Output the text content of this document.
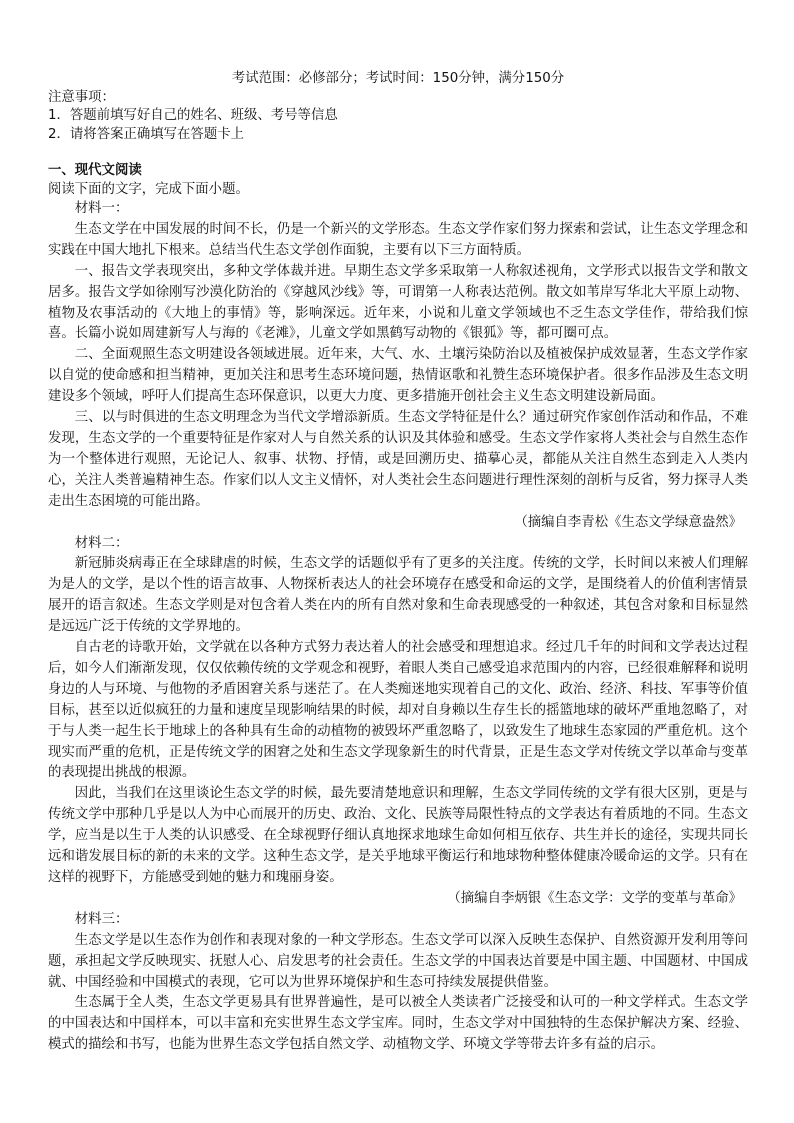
考试范围：必修部分；考试时间：150分钟，满分150分
注意事项：
1．答题前填写好自己的姓名、班级、考号等信息
2．请将答案正确填写在答题卡上
一、现代文阅读
阅读下面的文字，完成下面小题。

材料一：

生态文学在中国发展的时间不长，仍是一个新兴的文学形态。生态文学作家们努力探索和尝试，让生态文学理念和实践在中国大地扎下根来。总结当代生态文学创作面貌，主要有以下三方面特质。

一、报告文学表现突出，多种文学体裁并进。早期生态文学多采取第一人称叙述视角，文学形式以报告文学和散文居多。报告文学如徐刚写沙漠化防治的《穿越风沙线》等，可谓第一人称表达范例。散文如苇岸写华北大平原上动物、植物及农事活动的《大地上的事情》等，影响深远。近年来，小说和儿童文学领域也不乏生态文学佳作，带给我们惊喜。长篇小说如周建新写人与海的《老滩》，儿童文学如黑鹤写动物的《银狐》等，都可圈可点。

二、全面观照生态文明建设各领域进展。近年来，大气、水、土壤污染防治以及植被保护成效显著，生态文学作家以自觉的使命感和担当精神，更加关注和思考生态环境问题，热情讴歌和礼赞生态环境保护者。很多作品涉及生态文明建设多个领域，呼吁人们提高生态环保意识，以更大力度、更多措施开创社会主义生态文明建设新局面。

三、以与时俱进的生态文明理念为当代文学增添新质。生态文学特征是什么？通过研究作家创作活动和作品，不难发现，生态文学的一个重要特征是作家对人与自然关系的认识及其体验和感受。生态文学作家将人类社会与自然生态作为一个整体进行观照，无论记人、叙事、状物、抒情，或是回溯历史、描摹心灵，都能从关注自然生态到走入人类内心，关注人类普遍精神生态。作家们以人文主义情怀，对人类社会生态问题进行理性深刻的剖析与反省，努力探寻人类走出生态困境的可能出路。

（摘编自李青松《生态文学绿意盎然》

材料二：

新冠肺炎病毒正在全球肆虐的时候，生态文学的话题似乎有了更多的关注度。传统的文学，长时间以来被人们理解为是人的文学，是以个性的语言故事、人物探析表达人的社会环境存在感受和命运的文学，是围绕着人的价值利害情景展开的语言叙述。生态文学则是对包含着人类在内的所有自然对象和生命表现感受的一种叙述，其包含对象和目标显然是远远广泛于传统的文学界地的。

自古老的诗歌开始，文学就在以各种方式努力表达着人的社会感受和理想追求。经过几千年的时间和文学表达过程后，如今人们渐渐发现，仅仅依赖传统的文学观念和视野，着眼人类自己感受追求范围内的内容，已经很难解释和说明身边的人与环境、与他物的矛盾困窘关系与迷茫了。在人类痴迷地实现着自己的文化、政治、经济、科技、军事等价值目标，甚至以近似疯狂的力量和速度呈现影响结果的时候，却对自身赖以生存生长的摇篮地球的破坏严重地忽略了，对于与人类一起生长于地球上的各种具有生命的动植物的被毁坏严重忽略了，以致发生了地球生态家园的严重危机。这个现实而严重的危机，正是传统文学的困窘之处和生态文学现象新生的时代背景，正是生态文学对传统文学以革命与变革的表现提出挑战的根源。

因此，当我们在这里谈论生态文学的时候，最先要清楚地意识和理解，生态文学同传统的文学有很大区别，更是与传统文学中那种几乎是以人为中心而展开的历史、政治、文化、民族等局限性特点的文学表达有着质地的不同。生态文学，应当是以生于人类的认识感受、在全球视野仔细认真地探求地球生命如何相互依存、共生并长的途径，实现共同长远和谐发展目标的新的未来的文学。这种生态文学，是关乎地球平衡运行和地球物种整体健康冷暖命运的文学。只有在这样的视野下，方能感受到她的魅力和瑰丽身姿。

（摘编自李炳银《生态文学：文学的变革与革命》

材料三：

生态文学是以生态作为创作和表现对象的一种文学形态。生态文学可以深入反映生态保护、自然资源开发利用等问题，承担起文学反映现实、抚慰人心、启发思考的社会责任。生态文学的中国表达首要是中国主题、中国题材、中国成就、中国经验和中国模式的表现，它可以为世界环境保护和生态可持续发展提供借鉴。

生态属于全人类，生态文学更易具有世界普遍性，是可以被全人类读者广泛接受和认可的一种文学样式。生态文学的中国表达和中国样本，可以丰富和充实世界生态文学宝库。同时，生态文学对中国独特的生态保护解决方案、经验、模式的描绘和书写，也能为世界生态文学包括自然文学、动植物文学、环境文学等带去许多有益的启示。
